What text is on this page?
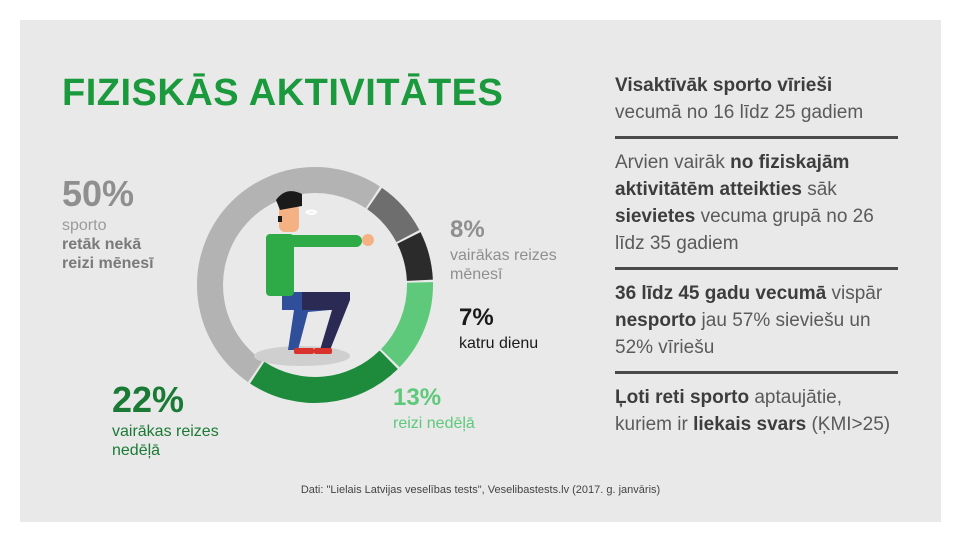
FIZISKĀS AKTIVITĀTES
50%
sporto
retāk nekā
reizi mēnesī
8%
vairākas reizes
mēnesī
7%
katru dienu
13%
reizi nedēļā
22%
vairākas reizes
nedēļā
Visaktīvāk sporto vīrieši vecumā no 16 līdz 25 gadiem
Arvien vairāk no fiziskajām aktivitātēm atteikties sāk sievietes vecuma grupā no 26 līdz 35 gadiem
36 līdz 45 gadu vecumā vispār nesporto jau 57% sieviešu un 52% vīriešu
Ļoti reti sporto aptaujātie, kuriem ir liekais svars (ĶMI>25)
Dati: "Lielais Latvijas veselības tests", Veselibastests.lv (2017. g. janvāris)
